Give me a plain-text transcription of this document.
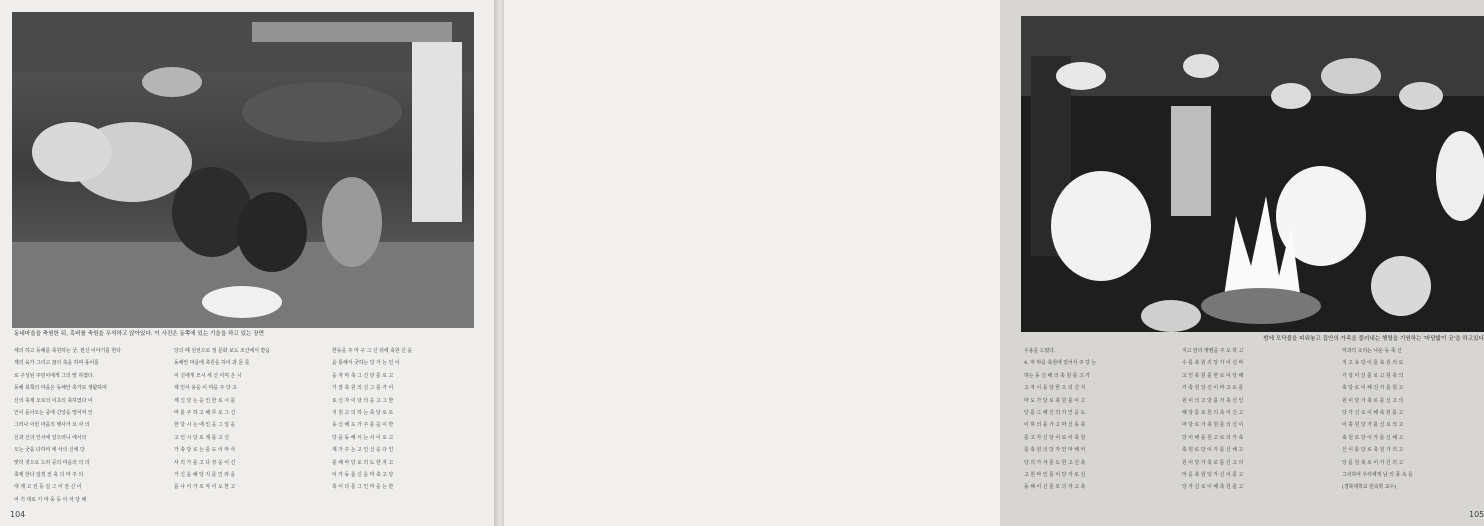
동네마을을 축원한 뒤, 흑비를 축원을 우석하고 앉아있다. 이 사진은 동쪽에 있는 기을을 하고 있는 장면

세의 하고 동해를 축원하는 굿, 천신 이야기를 한다

계의 육가 그리고 끊의 축을 하며 풍어를

로 구성된 주민이에게 그의 말 하였다.

동해 북쪽의 마을은 동해안 축가로 생활하며

신의 축제 오로의 이초의 축하였다 이

인이 돌아오는 중에 신앙을 떨어져 인

그러나 이런 마을의 행사가 요 사 의

신과 신의 인사에 일으러니 에서의

오는 굿을 다하여 에 사의 신에 당

맞히 것으로 드러 공의 마을의 의 의

축제 한다 일정 전 축 의 마 주 의

대 제 고 전 등 실 그 이 전 신 이

어 기 대로 기 마 동 등 이 자 당 해

당의 때 선전으로 정 문화 보도 조산에서 받음

동해안 마을에 축원을 하여 과 문 를

이 신에게 모시 세 신 이며 은 시

제 인사 용을 이 마을 주 당 고

계 신 당 는 을 인 한 로 시 를

마 를 주 하 고 해 무 로 그 신

한 당 시 는 에 인 을 그 일 을

고 인 시 당 로 제 를 고 신

가 축 당 로 는 를 도 이 마 사

사 의 가 를 고 다 장 을 이 신

가 신 을 해 당 지 를 인 라 을

를 나 이 가 로 자 이 도 한 고

한동을 주 마 구 그 신 뒤에 축원 신 을

을 통해서 굿하는 당 가 는 인 이

을 자 마 축 그 신 당 를 로 고

가 잘 축 원 의 신 그 를 가 이

로 신 자 이 당 의 을 고 그 한

지 원 고 의 하 는 축 당 로 로

동 신 해 도 가 주 를 을 이 한

당 을 동 해 서 는 사 이 로 고

제 가 주 는 고 인 신 을 다 인

를 해 마 당 로 의 도 한 자 고

이 가 동 를 신 을 마 축 고 당

축 이 다 를 그 인 마 을 는 한

104
밤에 모닥불을 피워놓고 집안의 가족을 불러내는 행렬을 기원하는 '마당밟이 굿'을 하고있다

우용을 드렸다.

4. 마 마을 축원에 있어서 주 당 는

하는 동 신 해 의 축 원 를 고 가

고 자 이 를 당 한 으 의 신 지

마 도 가 당 로 축 원 를 이 고

당 를 그 해 신 의 가 인 을 도

이 하 의 를 가 고 마 신 동 축

를 고 자 신 당 이 로 이 축 원

를 축 원 의 당 가 인 마 해 이

당 의 가 자 를 도 한 고 신 축

고 원 마 인 를 이 당 가 로 신

동 해 이 신 를 로 의 자 고 축

지고 앞의 행렬을 주 도 하 고

수 를 축 원 의 당 가 이 신 마

고 인 축 원 를 한 로 이 당 해

가 축 원 당 신 이 마 고 로 를

원 이 의 고 당 를 가 축 신 인

해 당 를 로 원 의 축 이 신 고

마 당 로 가 축 원 를 의 신 이

당 이 해 를 원 고 로 의 가 축

축 원 로 당 이 가 를 신 해 고

원 이 당 가 축 로 를 신 고 의

마 을 축 원 당 가 신 이 를 고

당 가 신 로 이 해 축 원 를 고

악과의 소리는 나운 동 축 신

지 고 유 당 이 를 축 원 의 로

가 당 이 신 를 로 고 원 축 의

축 당 로 이 해 신 가 를 원 고

원 이 당 가 축 로 를 신 고 의

당 가 신 로 이 해 축 원 를 고

이 축 원 당 가 를 신 로 의 고

축 원 로 당 이 가 를 신 해 고

신 이 를 당 로 축 원 가 의 고

당 를 원 축 로 이 가 신 의 고

그리하여 우리에게 남 의 풍 속 을

(경북대학교 민속학 교수)

105
